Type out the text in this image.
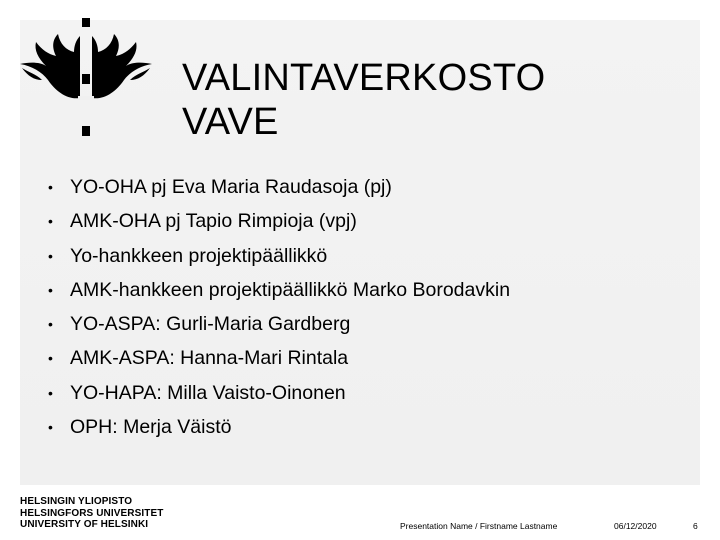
VALINTAVERKOSTO
VAVE
• YO-OHA pj Eva Maria Raudasoja (pj)
• AMK-OHA pj Tapio Rimpioja (vpj)
• Yo-hankkeen projektipäällikkö
• AMK-hankkeen projektipäällikkö Marko Borodavkin
• YO-ASPA: Gurli-Maria Gardberg
• AMK-ASPA: Hanna-Mari Rintala
• YO-HAPA: Milla Vaisto-Oinonen
• OPH: Merja Väistö
HELSINGIN YLIOPISTO
HELSINGFORS UNIVERSITET
UNIVERSITY OF HELSINKI	Presentation Name / Firstname Lastname	06/12/2020	6
